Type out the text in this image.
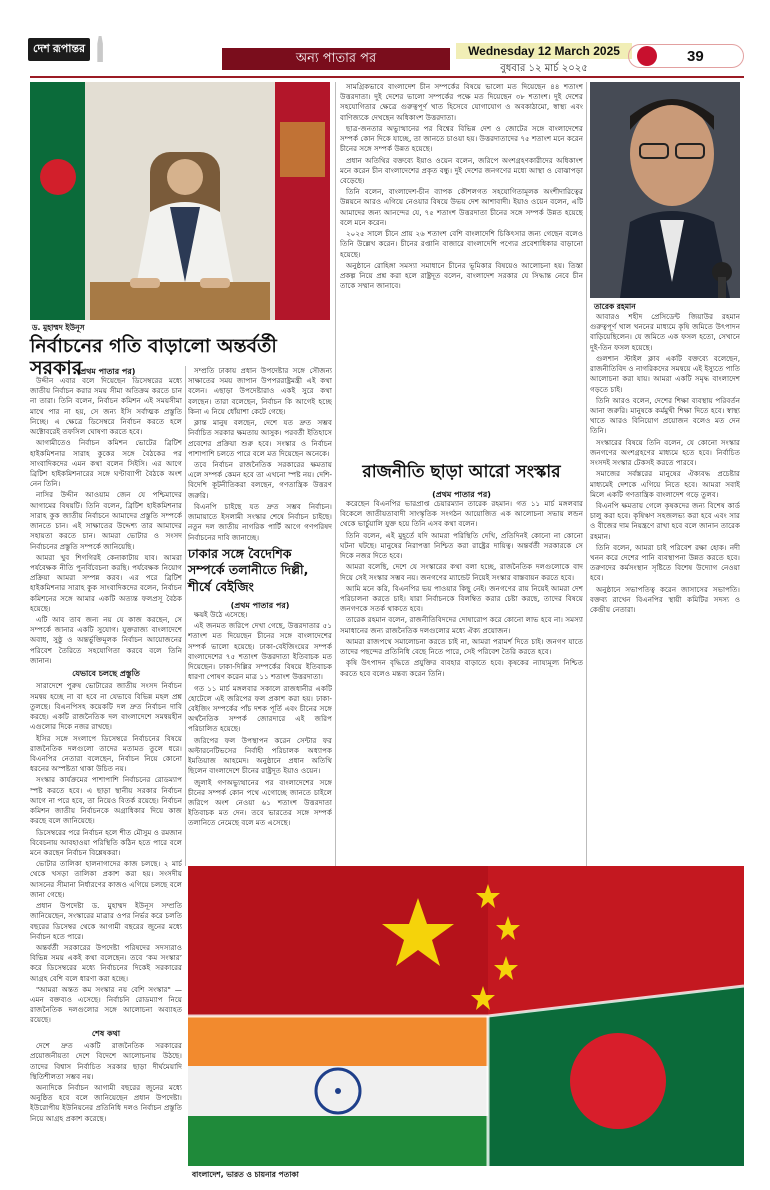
দেশ রূপান্তর
অন্য পাতার পর	Wednesday 12 March 2025
বুধবার ১২ মার্চ ২০২৫
39
ড. মুহাম্মদ ইউনূস
নির্বাচনের গতি বাড়ালো অন্তর্বর্তী সরকার
(প্রথম পাতার পর)

উদ্দীন এবার বলে দিয়েছেন ডিসেম্বরের মধ্যে জাতীয় নির্বাচন করার সময় সীমা অতিক্রম করতে চান না তারা। তিনি বলেন, নির্বাচন কমিশন এই সময়সীমা মাথে পার না হয়, সে জন্য ইসি সর্বাত্মক প্রস্তুতি নিচ্ছে। এ ক্ষেত্রে ডিসেম্বরে নির্বাচন করতে হলে অক্টোবরেই তফসিল ঘোষণা করতে হবে।

আগামীতেও নির্বাচন কমিশন ভোটের ব্রিটিশ হাইকমিশনার সারাহ কুকের সঙ্গে বৈঠকের পর সাংবাদিকদের এমন কথা বলেন সিইসি। এর আগে ব্রিটিশ হাইকমিশনারের সঙ্গে ঘণ্টাব্যাপী বৈঠকে অংশ নেন তিনি।

নাসির উদ্দীন আওয়াম জেন যে পশ্চিমাদের আগামের বিষয়টি। তিনি বলেন, ব্রিটিশ হাইকমিশনার সারাহ কুক জাতীয় নির্বাচনে আমাদের প্রস্তুতি সম্পর্কে জানতে চান। এই সাক্ষাতের উদ্দেশ্য তার আমাদের সহায়তা করতে চান। আমরা ভোটার ও সংসদ নির্বাচনের প্রস্তুতি সম্পর্কে জানিয়েছি।

আমরা খুব শিগগিরই কেনাকাটায় যাব। আমরা পর্যবেক্ষক নীতি পুনর্বিবেচনা করছি। পর্যবেক্ষক নিয়োগ প্রক্রিয়া আমরা সম্পন্ন করব। এর পরে ব্রিটিশ হাইকমিশনার সারাহ কুক সাংবাদিকদের বলেন, নির্বাচন কমিশনের সঙ্গে আমার একটি অত্যন্ত ফলপ্রসূ বৈঠক হয়েছে।

এটি আব তাব জন্য নয় যে কাজ করছেন, সে সম্পর্কে জানার একটি সুযোগ। যুক্তরাজ্য বাংলাদেশে অবাধ, সুষ্ঠু ও অন্তর্ভুক্তিমূলক নির্বাচন আয়োজনের পরিবেশ তৈরিতে সহযোগিতা করবে বলে তিনি জানান।

যেভাবে চলছে প্রস্তুতি

সারাদেশে পুরুষ ভোটারের জাতীয় সংসদ নির্বাচন সমন্বয় হচ্ছে না বা হবে না যেভাবে বিভিন্ন মহল প্রশ্ন তুলছে। বিএনপিসহ কয়েকটি দল দ্রুত নির্বাচন দাবি করছে। একটি রাজনৈতিক দল বাংলাদেশে সমন্বয়হীন এগুলোর দিকে নজর রাখছে।

ইসির সঙ্গে সংলাপে ডিসেম্বরে নির্বাচনের বিষয়ে রাজনৈতিক দলগুলো তাদের মতামত তুলে ধরে। বিএনপির নেতারা বলেছেন, নির্বাচন নিয়ে কোনো ধরনের অস্পষ্টতা থাকা উচিত নয়।

সংস্কার কার্যক্রমের পাশাপাশি নির্বাচনের রোডম্যাপ স্পষ্ট করতে হবে। এ ছাড়া স্থানীয় সরকার নির্বাচন আগে না পরে হবে, তা নিয়েও বিতর্ক রয়েছে। নির্বাচন কমিশন জাতীয় নির্বাচনকে অগ্রাধিকার দিয়ে কাজ করছে বলে জানিয়েছে।

ডিসেম্বরের পরে নির্বাচন হলে শীত মৌসুম ও রমজান বিবেচনায় আবহাওয়া পরিস্থিতি কঠিন হতে পারে বলে মনে করছেন নির্বাচন বিশ্লেষকরা।

ভোটার তালিকা হালনাগাদের কাজ চলছে। ২ মার্চ থেকে খসড়া তালিকা প্রকাশ করা হয়। সংসদীয় আসনের সীমানা নির্ধারণের কাজও এগিয়ে চলছে বলে জানা গেছে।

প্রধান উপদেষ্টা ড. মুহাম্মদ ইউনূস সম্প্রতি জানিয়েছেন, সংস্কারের মাত্রার ওপর নির্ভর করে চলতি বছরের ডিসেম্বর থেকে আগামী বছরের জুনের মধ্যে নির্বাচন হতে পারে।

অন্তর্বর্তী সরকারের উপদেষ্টা পরিষদের সদস্যরাও বিভিন্ন সময় একই কথা বলেছেন। তবে ‘কম সংস্কার’ করে ডিসেম্বরের মধ্যে নির্বাচনের দিকেই সরকারের আগ্রহ বেশি বলে ধারণা করা হচ্ছে।

"আমরা অন্তত কম সংস্কার নয় বেশি সংস্কার" — এমন বক্তব্যও এসেছে। নির্বাচনি রোডম্যাপ নিয়ে রাজনৈতিক দলগুলোর সঙ্গে আলোচনা অব্যাহত রয়েছে।

শেষ কথা

দেশে দ্রুত একটি রাজনৈতিক সরকারের প্রয়োজনীয়তা দেশে বিদেশে আলোচনায় উঠছে। তাদের বিশ্বাস নির্বাচিত সরকার ছাড়া দীর্ঘমেয়াদি স্থিতিশীলতা সম্ভব নয়।

অন্যদিকে নির্বাচন আগামী বছরের জুনের মধ্যে অনুষ্ঠিত হবে বলে জানিয়েছেন প্রধান উপদেষ্টা। ইউরোপীয় ইউনিয়নের প্রতিনিধি দলও নির্বাচন প্রস্তুতি নিয়ে আগ্রহ প্রকাশ করেছে।

সম্প্রতি ঢাকায় প্রধান উপদেষ্টার সঙ্গে সৌজন্য সাক্ষাতের সময় জাপান উপপররাষ্ট্রমন্ত্রী এই কথা বলেন। এছাড়া উপদেষ্টারাও একই সুরে কথা বলছেন। তারা বলেছেন, নির্বাচন কি আগেই হচ্ছে কিনা এ নিয়ে ধোঁয়াশা কেটে গেছে।

ক্লান্ত মানুষ বলছেন, দেশে যত দ্রুত সম্ভব নির্বাচিত সরকার ক্ষমতায় আসুক। পরবর্তী ইতিহাসে প্রবেশের প্রক্রিয়া শুরু হবে। সংস্কার ও নির্বাচন পাশাপাশি চলতে পারে বলে মত দিয়েছেন অনেকে।

তবে নির্বাচন রাজনৈতিক সরকারের ক্ষমতায় এলে সম্পর্ক কেমন হবে তা এখনো স্পষ্ট নয়। দেশি-বিদেশি কূটনীতিকরা বলছেন, গণতান্ত্রিক উত্তরণ জরুরি।

বিএনপি চাইছে যত দ্রুত সম্ভব নির্বাচন। জামায়াতে ইসলামী সংস্কার শেষে নির্বাচন চাইছে। নতুন দল জাতীয় নাগরিক পার্টি আগে গণপরিষদ নির্বাচনের দাবি জানাচ্ছে।

ঢাকার সঙ্গে বৈদেশিক সম্পর্কে তলানীতে দিল্লী, শীর্ষে বেইজিং
(প্রথম পাতার পর)

ক্ষয়ই উঠে এসেছে।

এই জনমত জরিপে দেখা গেছে, উত্তরদাতার ৫১ শতাংশ মত দিয়েছেন চীনের সঙ্গে বাংলাদেশের সম্পর্ক ভালো হয়েছে। ঢাকা-বেইজিংয়ের সম্পর্ক বাংলাদেশের ৭৫ শতাংশ উত্তরদাতা ইতিবাচক মত দিয়েছেন। ঢাকা-দিল্লির সম্পর্কের বিষয়ে ইতিবাচক ধারণা পোষণ করেন মাত্র ১১ শতাংশ উত্তরদাতা।

গত ১১ মার্চ মঙ্গলবার সকালে রাজধানীর একটি হোটেলে এই জরিপের ফল প্রকাশ করা হয়। ঢাকা-বেইজিং সম্পর্কের পাঁচ দশক পূর্তি এবং চীনের সঙ্গে অর্থনৈতিক সম্পর্ক জোরদারে এই জরিপ পরিচালিত হয়েছে।

জরিপের ফল উপস্থাপন করেন সেন্টার ফর অল্টারনেটিভসের নির্বাহী পরিচালক অধ্যাপক ইমতিয়াজ আহমেদ। অনুষ্ঠানে প্রধান অতিথি ছিলেন বাংলাদেশে চীনের রাষ্ট্রদূত ইয়াও ওয়েন।

জুলাই গণঅভ্যুত্থানের পর বাংলাদেশের সঙ্গে চীনের সম্পর্ক কোন পথে এগোচ্ছে জানতে চাইলে জরিপে অংশ নেওয়া ৬১ শতাংশ উত্তরদাতা ইতিবাচক মত দেন। তবে ভারতের সঙ্গে সম্পর্ক তলানিতে নেমেছে বলে মত এসেছে।

সামগ্রিকভাবে বাংলাদেশ চীন সম্পর্কের বিষয়ে ভালো মত দিয়েছেন ৪৪ শতাংশ উত্তরদাতা। দুই দেশের ভালো সম্পর্কের পক্ষে মত দিয়েছেন ৩৮ শতাংশ। দুই দেশের সহযোগিতার ক্ষেত্রে গুরুত্বপূর্ণ খাত হিসেবে যোগাযোগ ও অবকাঠামো, স্বাস্থ্য এবং বাণিজ্যকে দেখছেন অধিকাংশ উত্তরদাতা।

ছাত্র-জনতার অভ্যুত্থানের পর বিশ্বের বিভিন্ন দেশ ও জোটের সঙ্গে বাংলাদেশের সম্পর্ক কোন দিকে যাচ্ছে, তা জানতে চাওয়া হয়। উত্তরদাতাদের ৭৫ শতাংশ মনে করেন চীনের সঙ্গে সম্পর্ক উন্নত হয়েছে।

প্রধান অতিথির বক্তব্যে ইয়াও ওয়েন বলেন, জরিপে অংশগ্রহণকারীদের অধিকাংশ মনে করেন চীন বাংলাদেশের প্রকৃত বন্ধু। দুই দেশের জনগণের মধ্যে আস্থা ও বোঝাপড়া বেড়েছে।

তিনি বলেন, বাংলাদেশ-চীন ব্যাপক কৌশলগত সহযোগিতামূলক অংশীদারিত্বের উন্নয়নে আরও এগিয়ে নেওয়ার বিষয়ে উভয় দেশ আশাবাদী। ইয়াও ওয়েন বলেন, এটি আমাদের জন্য আনন্দের যে, ৭৫ শতাংশ উত্তরদাতা চীনের সঙ্গে সম্পর্ক উন্নত হয়েছে বলে মনে করেন।

২০২৫ সালে চীনে প্রায় ২৬ শতাংশ বেশি বাংলাদেশি চিকিৎসার জন্য গেছেন বলেও তিনি উল্লেখ করেন। চীনের রপ্তানি বাজারে বাংলাদেশি পণ্যের প্রবেশাধিকার বাড়ানো হয়েছে।

অনুষ্ঠানে রোহিঙ্গা সমস্যা সমাধানে চীনের ভূমিকার বিষয়েও আলোচনা হয়। তিস্তা প্রকল্প নিয়ে প্রশ্ন করা হলে রাষ্ট্রদূত বলেন, বাংলাদেশ সরকার যে সিদ্ধান্ত নেবে চীন তাকে সম্মান জানাবে।

রাজনীতি ছাড়া আরো সংস্কার
(প্রথম পাতার পর)

করেছেন বিএনপির ভারপ্রাপ্ত চেয়ারম্যান তারেক রহমান। গত ১১ মার্চ মঙ্গলবার বিকেলে জাতীয়তাবাদী সাংস্কৃতিক সংগঠন আয়োজিত এক আলোচনা সভায় লন্ডন থেকে ভার্চুয়ালি যুক্ত হয়ে তিনি এসব কথা বলেন।

তিনি বলেন, এই মুহূর্তে যদি আমরা পরিস্থিতি দেখি, প্রতিদিনই কোনো না কোনো ঘটনা ঘটছে। মানুষের নিরাপত্তা নিশ্চিত করা রাষ্ট্রের দায়িত্ব। অন্তর্বর্তী সরকারকে সে দিকে নজর দিতে হবে।

আমরা বলেছি, দেশে যে সংস্কারের কথা বলা হচ্ছে, রাজনৈতিক দলগুলোকে বাদ দিয়ে সেই সংস্কার সম্ভব নয়। জনগণের ম্যান্ডেট নিয়েই সংস্কার বাস্তবায়ন করতে হবে।

আমি মনে করি, বিএনপির ভয় পাওয়ার কিছু নেই। জনগণের রায় নিয়েই আমরা দেশ পরিচালনা করতে চাই। যারা নির্বাচনকে বিলম্বিত করার চেষ্টা করছে, তাদের বিষয়ে জনগণকে সতর্ক থাকতে হবে।

তারেক রহমান বলেন, রাজনীতিবিদদের দোষারোপ করে কোনো লাভ হবে না। সমস্যা সমাধানের জন্য রাজনৈতিক দলগুলোর মধ্যে ঐক্য প্রয়োজন।

আমরা রাজপথে সমালোচনা করতে চাই না, আমরা পরামর্শ দিতে চাই। জনগণ যাতে তাদের পছন্দের প্রতিনিধি বেছে নিতে পারে, সেই পরিবেশ তৈরি করতে হবে।

কৃষি উৎপাদন বৃদ্ধিতে প্রযুক্তির ব্যবহার বাড়াতে হবে। কৃষকের ন্যায্যমূল্য নিশ্চিত করতে হবে বলেও মন্তব্য করেন তিনি।

তারেক রহমান

আবারও শহীদ প্রেসিডেন্ট জিয়াউর রহমান গুরুত্বপূর্ণ খাল খননের মাধ্যমে কৃষি জমিতে উৎপাদন বাড়িয়েছিলেন। যে জমিতে এক ফসল হতো, সেখানে দুই-তিন ফসল হয়েছে।

গুলশান স্টাইল ক্লাব একটি বক্তব্যে বলেছেন, রাজনীতিবিদ ও নাগরিকদের সমন্বয়ে এই ইস্যুতে পাতি আলোচনা করা যায়। আমরা একটি সমৃদ্ধ বাংলাদেশ গড়তে চাই।

তিনি আরও বলেন, দেশের শিক্ষা ব্যবস্থায় পরিবর্তন আনা জরুরি। মানুষকে কর্মমুখী শিক্ষা দিতে হবে। স্বাস্থ্য খাতে আরও বিনিয়োগ প্রয়োজন বলেও মত দেন তিনি।

সংস্কারের বিষয়ে তিনি বলেন, যে কোনো সংস্কার জনগণের অংশগ্রহণের মাধ্যমে হতে হবে। নির্বাচিত সংসদই সংস্কার টেকসই করতে পারবে।

সমাজের সর্বস্তরের মানুষের ঐক্যবদ্ধ প্রচেষ্টার মাধ্যমেই দেশকে এগিয়ে নিতে হবে। আমরা সবাই মিলে একটি গণতান্ত্রিক বাংলাদেশ গড়ে তুলব।

বিএনপি ক্ষমতায় গেলে কৃষকদের জন্য বিশেষ কার্ড চালু করা হবে। কৃষিঋণ সহজলভ্য করা হবে এবং সার ও বীজের দাম নিয়ন্ত্রণে রাখা হবে বলে জানান তারেক রহমান।

তিনি বলেন, আমরা চাই পরিবেশ রক্ষা হোক। নদী খনন করে দেশের পানি ব্যবস্থাপনা উন্নত করতে হবে। তরুণদের কর্মসংস্থান সৃষ্টিতে বিশেষ উদ্যোগ নেওয়া হবে।

অনুষ্ঠানে সভাপতিত্ব করেন জাসাসের সভাপতি। বক্তব্য রাখেন বিএনপির স্থায়ী কমিটির সদস্য ও কেন্দ্রীয় নেতারা।

বাংলাদেশ, ভারত ও চায়নার পতাকা
